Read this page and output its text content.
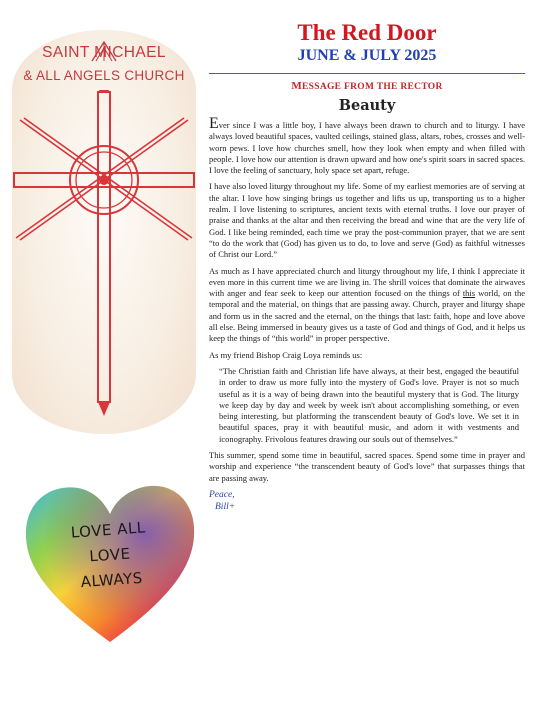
SAINT MICHAEL
& ALL ANGELS CHURCH
LOVE ALL
LOVE
ALWAYS
The Red Door
JUNE & JULY 2025

MESSAGE FROM THE RECTOR

Beauty

Ever since I was a little boy, I have always been drawn to church and to liturgy. I have always loved beautiful spaces, vaulted ceilings, stained glass, altars, robes, crosses and well-worn pews. I love how churches smell, how they look when empty and when filled with people. I love how our attention is drawn upward and how one's spirit soars in sacred spaces. I love the feeling of sanctuary, holy space set apart, refuge.

I have also loved liturgy throughout my life. Some of my earliest memories are of serving at the altar. I love how singing brings us together and lifts us up, transporting us to a higher realm. I love listening to scriptures, ancient texts with eternal truths. I love our prayer of praise and thanks at the altar and then receiving the bread and wine that are the very life of God. I like being reminded, each time we pray the post-communion prayer, that we are sent “to do the work that (God) has given us to do, to love and serve (God) as faithful witnesses of Christ our Lord.”

As much as I have appreciated church and liturgy throughout my life, I think I appreciate it even more in this current time we are living in. The shrill voices that dominate the airwaves with anger and fear seek to keep our attention focused on the things of this world, on the temporal and the material, on things that are passing away. Church, prayer and liturgy shape and form us in the sacred and the eternal, on the things that last: faith, hope and love above all else. Being immersed in beauty gives us a taste of God and things of God, and it helps us keep the things of “this world” in proper perspective.

As my friend Bishop Craig Loya reminds us:

“The Christian faith and Christian life have always, at their best, engaged the beautiful in order to draw us more fully into the mystery of God's love. Prayer is not so much useful as it is a way of being drawn into the beautiful mystery that is God. The liturgy we keep day by day and week by week isn't about accomplishing something, or even being interesting, but platforming the transcendent beauty of God's love. We set it in beautiful spaces, pray it with beautiful music, and adorn it with vestments and iconography. Frivolous features drawing our souls out of themselves.”

This summer, spend some time in beautiful, sacred spaces. Spend some time in prayer and worship and experience “the transcendent beauty of God's love” that surpasses things that are passing away.

Peace,

Bill+
